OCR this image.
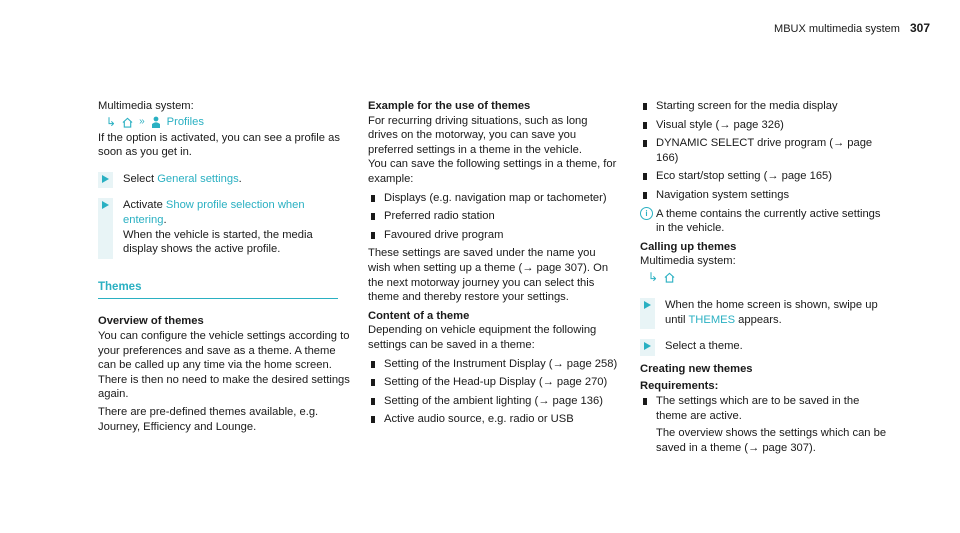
MBUX multimedia system 307

Multimedia system:

↳ » Profiles

If the option is activated, you can see a profile as soon as you get in.

Select General settings.
Activate Show profile selection when entering.

When the vehicle is started, the media display shows the active profile.

Themes

Overview of themes

You can configure the vehicle settings according to your preferences and save as a theme. A theme can be called up any time via the home screen. There is then no need to make the desired settings again.

There are pre-defined themes available, e.g. Journey, Efficiency and Lounge.

Example for the use of themes

For recurring driving situations, such as long drives on the motorway, you can save you preferred settings in a theme in the vehicle.

You can save the following settings in a theme, for example:

Displays (e.g. navigation map or tachometer)
Preferred radio station
Favoured drive program

These settings are saved under the name you wish when setting up a theme (→ page 307). On the next motorway journey you can select this theme and thereby restore your settings.

Content of a theme

Depending on vehicle equipment the following settings can be saved in a theme:

Setting of the Instrument Display (→ page 258)
Setting of the Head-up Display (→ page 270)
Setting of the ambient lighting (→ page 136)
Active audio source, e.g. radio or USB
Starting screen for the media display
Visual style (→ page 326)
DYNAMIC SELECT drive program (→ page 166)
Eco start/stop setting (→ page 165)
Navigation system settings
i A theme contains the currently active settings in the vehicle.

Calling up themes

Multimedia system:

↳
When the home screen is shown, swipe up until THEMES appears.
Select a theme.

Creating new themes

Requirements:

The settings which are to be saved in the theme are active.

The overview shows the settings which can be saved in a theme (→ page 307).
